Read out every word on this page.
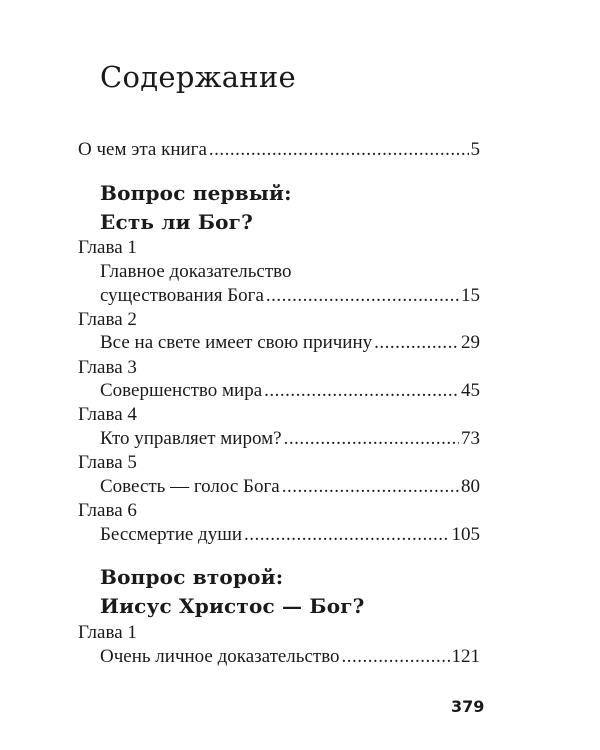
Содержание
О чем эта книга .....	5
Вопрос первый:
Есть ли Бог?
Глава 1
Главное доказательство
существования Бога .....	15
Глава 2
Все на свете имеет свою причину .....	29
Глава 3
Совершенство мира .....	45
Глава 4
Кто управляет миром? .....	73
Глава 5
Совесть — голос Бога .....	80
Глава 6
Бессмертие души .....	105
Вопрос второй:
Иисус Христос — Бог?
Глава 1
Очень личное доказательство .....	121
379
